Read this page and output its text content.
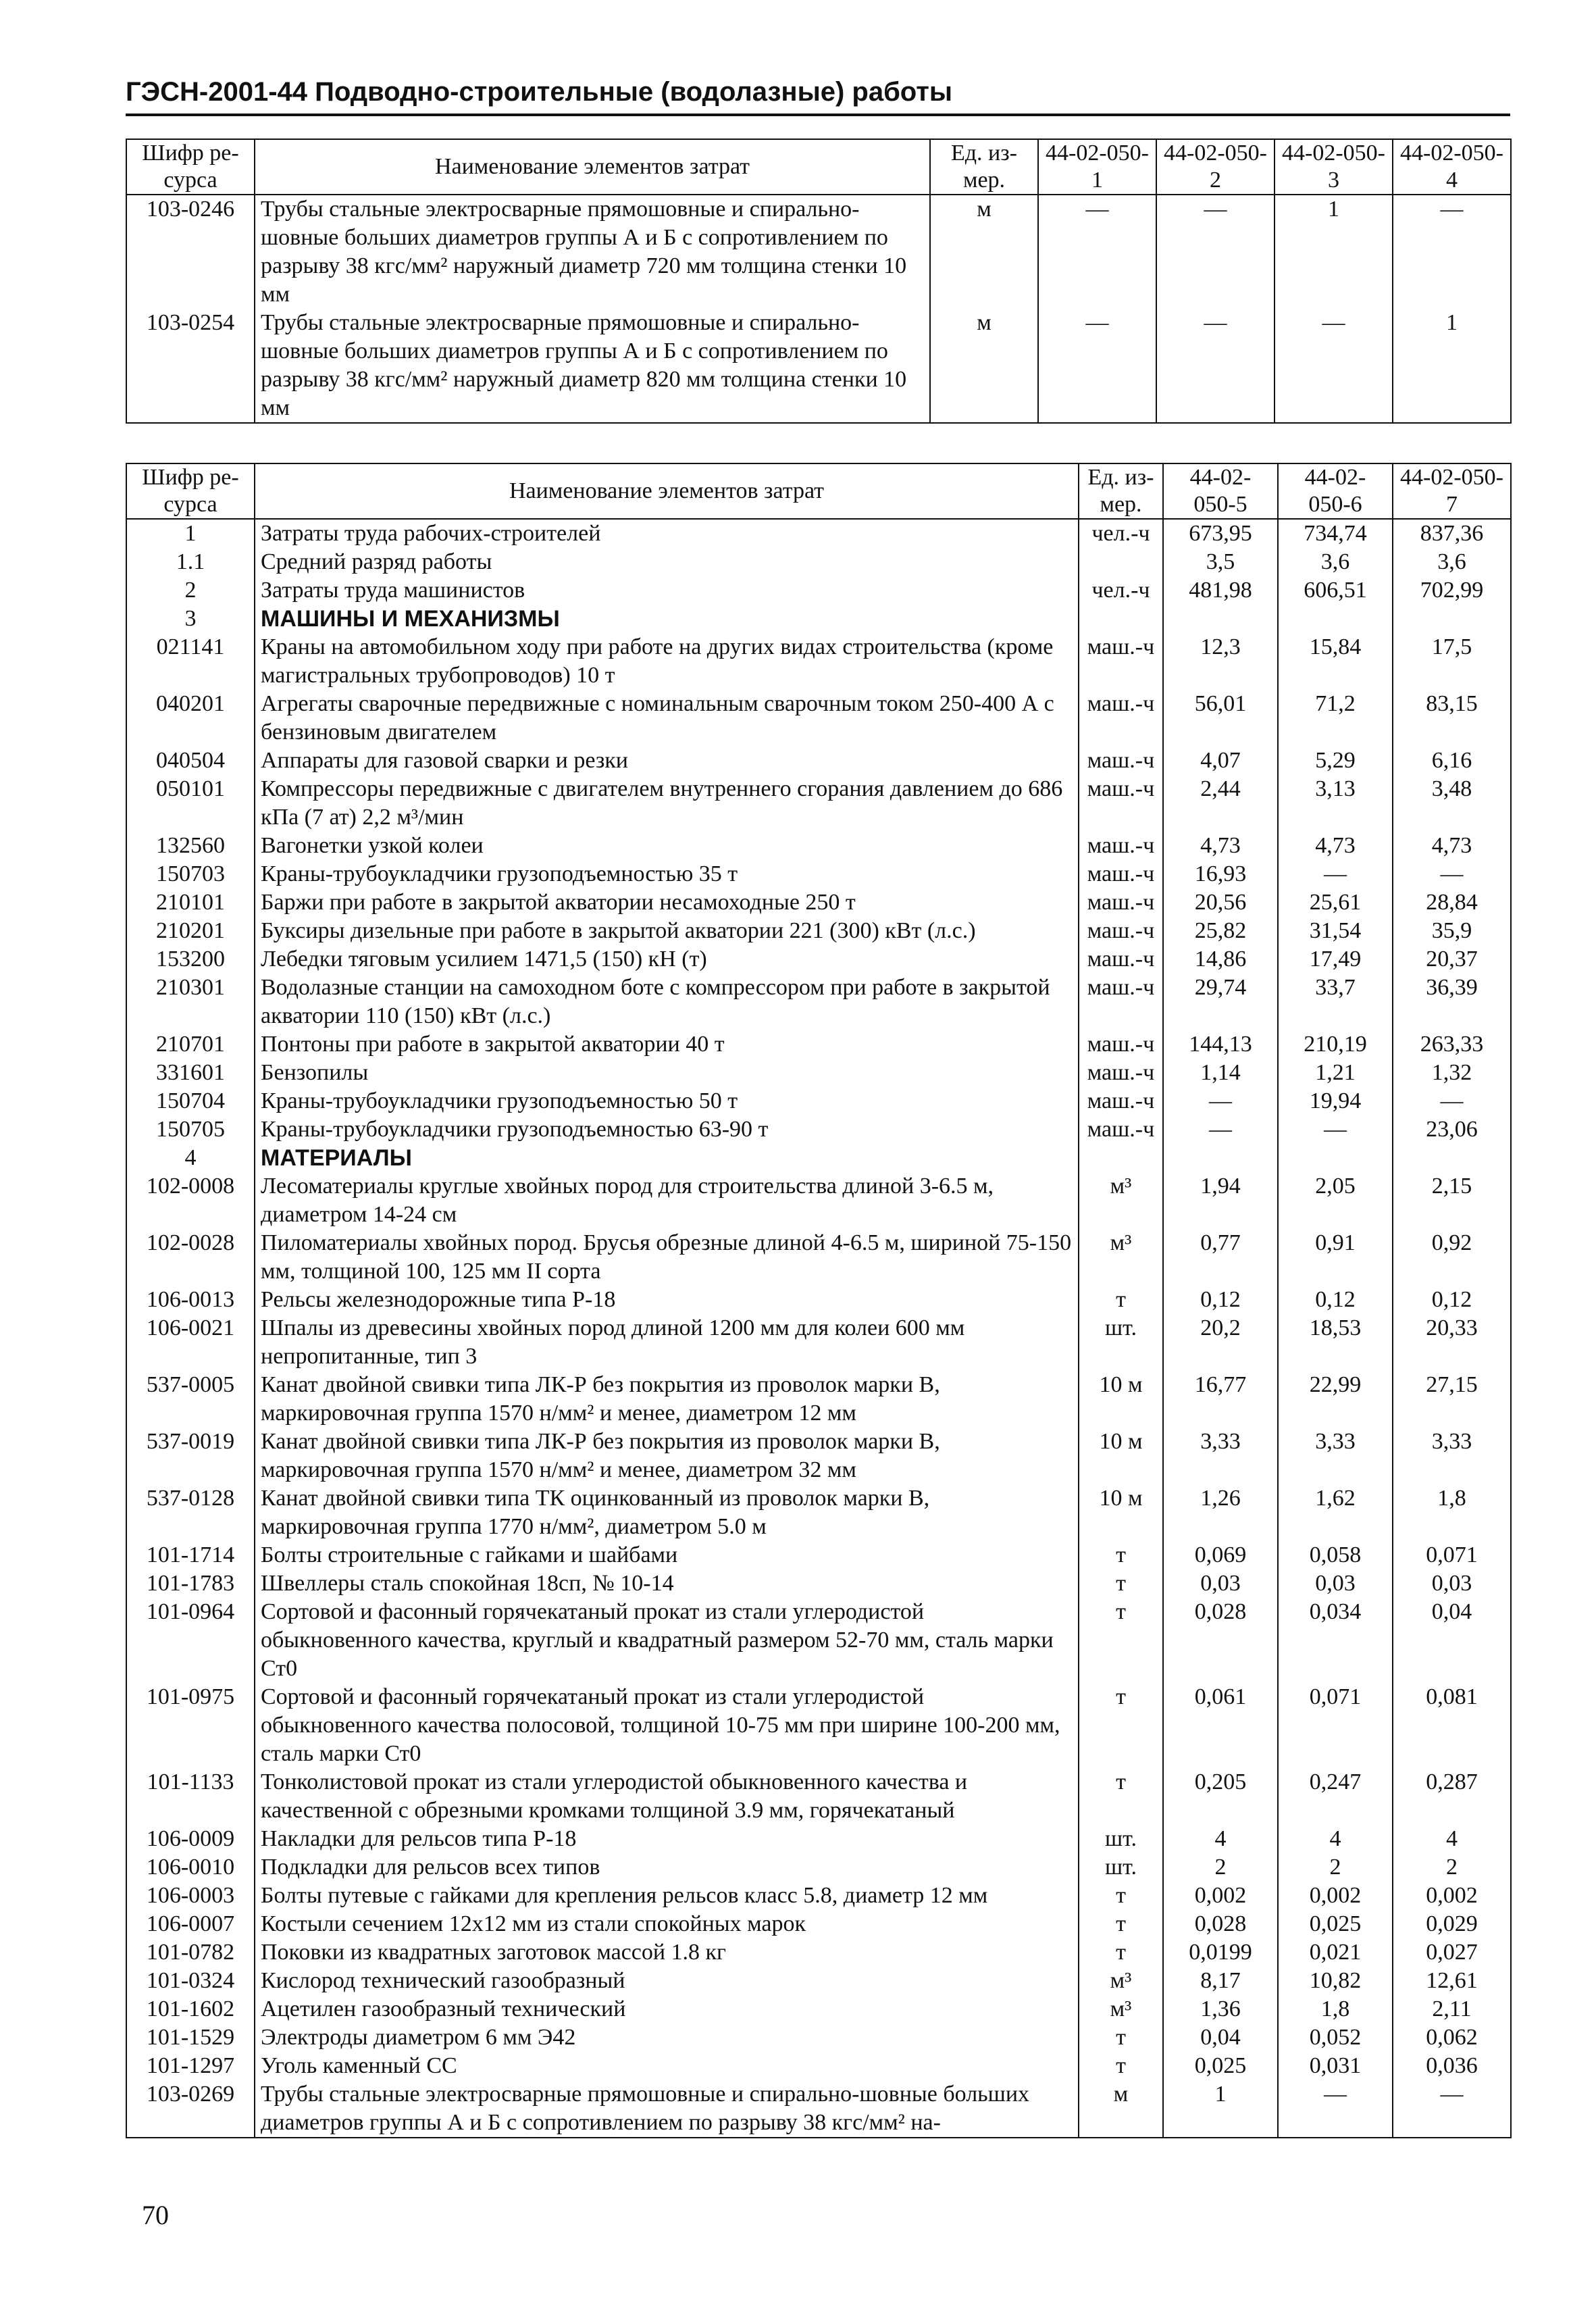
ГЭСН-2001-44 Подводно-строительные (водолазные) работы
Шифр ре-сурса	Наименование элементов затрат	Ед. из-мер.	44-02-050-1	44-02-050-2	44-02-050-3	44-02-050-4
103-0246	Трубы стальные электросварные прямошовные и спирально-шовные больших диаметров группы А и Б с сопротивлением по разрыву 38 кгс/мм² наружный диаметр 720 мм толщина стенки 10 мм	м	—	—	1	—
103-0254	Трубы стальные электросварные прямошовные и спирально-шовные больших диаметров группы А и Б с сопротивлением по разрыву 38 кгс/мм² наружный диаметр 820 мм толщина стенки 10 мм	м	—	—	—	1
Шифр ре-сурса	Наименование элементов затрат	Ед. из-мер.	44-02-050-5	44-02-050-6	44-02-050-7
1	Затраты труда рабочих-строителей	чел.-ч	673,95	734,74	837,36
1.1	Средний разряд работы		3,5	3,6	3,6
2	Затраты труда машинистов	чел.-ч	481,98	606,51	702,99
3	МАШИНЫ И МЕХАНИЗМЫ				
021141	Краны на автомобильном ходу при работе на других видах строительства (кроме магистральных трубопроводов) 10 т	маш.-ч	12,3	15,84	17,5
040201	Агрегаты сварочные передвижные с номинальным сварочным током 250-400 А с бензиновым двигателем	маш.-ч	56,01	71,2	83,15
040504	Аппараты для газовой сварки и резки	маш.-ч	4,07	5,29	6,16
050101	Компрессоры передвижные с двигателем внутреннего сгорания давлением до 686 кПа (7 ат) 2,2 м³/мин	маш.-ч	2,44	3,13	3,48
132560	Вагонетки узкой колеи	маш.-ч	4,73	4,73	4,73
150703	Краны-трубоукладчики грузоподъемностью 35 т	маш.-ч	16,93	—	—
210101	Баржи при работе в закрытой акватории несамоходные 250 т	маш.-ч	20,56	25,61	28,84
210201	Буксиры дизельные при работе в закрытой акватории 221 (300) кВт (л.с.)	маш.-ч	25,82	31,54	35,9
153200	Лебедки тяговым усилием 1471,5 (150) кН (т)	маш.-ч	14,86	17,49	20,37
210301	Водолазные станции на самоходном боте с компрессором при работе в закрытой акватории 110 (150) кВт (л.с.)	маш.-ч	29,74	33,7	36,39
210701	Понтоны при работе в закрытой акватории 40 т	маш.-ч	144,13	210,19	263,33
331601	Бензопилы	маш.-ч	1,14	1,21	1,32
150704	Краны-трубоукладчики грузоподъемностью 50 т	маш.-ч	—	19,94	—
150705	Краны-трубоукладчики грузоподъемностью 63-90 т	маш.-ч	—	—	23,06
4	МАТЕРИАЛЫ				
102-0008	Лесоматериалы круглые хвойных пород для строительства длиной 3-6.5 м, диаметром 14-24 см	м³	1,94	2,05	2,15
102-0028	Пиломатериалы хвойных пород. Брусья обрезные длиной 4-6.5 м, шириной 75-150 мм, толщиной 100, 125 мм II сорта	м³	0,77	0,91	0,92
106-0013	Рельсы железнодорожные типа Р-18	т	0,12	0,12	0,12
106-0021	Шпалы из древесины хвойных пород длиной 1200 мм для колеи 600 мм непропитанные, тип 3	шт.	20,2	18,53	20,33
537-0005	Канат двойной свивки типа ЛК-Р без покрытия из проволок марки В, маркировочная группа 1570 н/мм² и менее, диаметром 12 мм	10 м	16,77	22,99	27,15
537-0019	Канат двойной свивки типа ЛК-Р без покрытия из проволок марки В, маркировочная группа 1570 н/мм² и менее, диаметром 32 мм	10 м	3,33	3,33	3,33
537-0128	Канат двойной свивки типа ТК оцинкованный из проволок марки В, маркировочная группа 1770 н/мм², диаметром 5.0 м	10 м	1,26	1,62	1,8
101-1714	Болты строительные с гайками и шайбами	т	0,069	0,058	0,071
101-1783	Швеллеры сталь спокойная 18сп, № 10-14	т	0,03	0,03	0,03
101-0964	Сортовой и фасонный горячекатаный прокат из стали углеродистой обыкновенного качества, круглый и квадратный размером 52-70 мм, сталь марки Ст0	т	0,028	0,034	0,04
101-0975	Сортовой и фасонный горячекатаный прокат из стали углеродистой обыкновенного качества полосовой, толщиной 10-75 мм при ширине 100-200 мм, сталь марки Ст0	т	0,061	0,071	0,081
101-1133	Тонколистовой прокат из стали углеродистой обыкновенного качества и качественной с обрезными кромками толщиной 3.9 мм, горячекатаный	т	0,205	0,247	0,287
106-0009	Накладки для рельсов типа Р-18	шт.	4	4	4
106-0010	Подкладки для рельсов всех типов	шт.	2	2	2
106-0003	Болты путевые с гайками для крепления рельсов класс 5.8, диаметр 12 мм	т	0,002	0,002	0,002
106-0007	Костыли сечением 12x12 мм из стали спокойных марок	т	0,028	0,025	0,029
101-0782	Поковки из квадратных заготовок массой 1.8 кг	т	0,0199	0,021	0,027
101-0324	Кислород технический газообразный	м³	8,17	10,82	12,61
101-1602	Ацетилен газообразный технический	м³	1,36	1,8	2,11
101-1529	Электроды диаметром 6 мм Э42	т	0,04	0,052	0,062
101-1297	Уголь каменный СС	т	0,025	0,031	0,036
103-0269	Трубы стальные электросварные прямошовные и спирально-шовные больших диаметров группы А и Б с сопротивлением по разрыву 38 кгс/мм² на-	м	1	—	—
70
